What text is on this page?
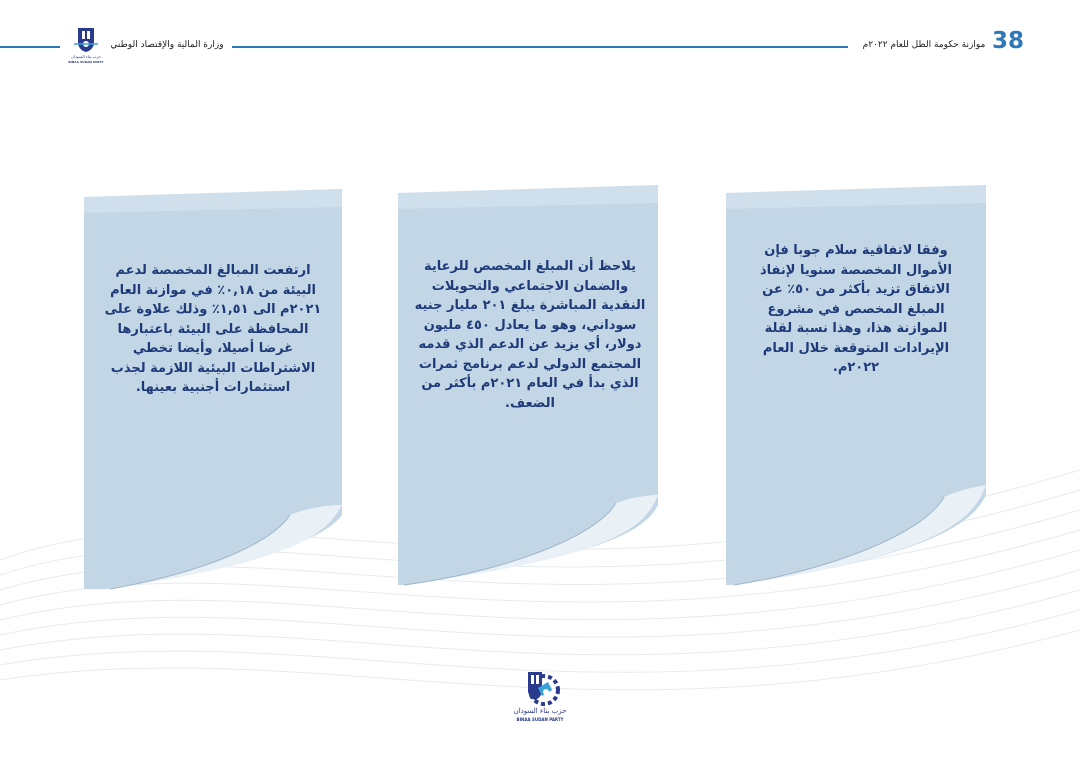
38
موازنة حكومة الظل للعام ٢٠٢٢م
وزارة المالية والإقتصاد الوطني
حزب بناء السودان
BINAA SUDAN PARTY
ارتفعت المبالغ المخصصة لدعم البيئة من ٠,١٨٪ في موازنة العام ٢٠٢١م الى ١,٥١٪ وذلك علاوة على المحافظة على البيئة باعتبارها غرضا أصيلا، وأيضا تخطي الاشتراطات البيئية اللازمة لجذب استثمارات أجنبية بعينها.
يلاحظ أن المبلغ المخصص للرعاية والضمان الاجتماعي والتحويلات النقدية المباشرة يبلغ ٢٠١ مليار جنيه سوداني، وهو ما يعادل ٤٥٠ مليون دولار، أي يزيد عن الدعم الذي قدمه المجتمع الدولي لدعم برنامج ثمرات الذي بدأ في العام ٢٠٢١م بأكثر من الضعف.
وفقا لاتفاقية سلام جوبا فإن الأموال المخصصة سنويا لإنفاذ الاتفاق تزيد بأكثر من ٥٠٪ عن المبلغ المخصص في مشروع الموازنة هذا، وهذا نسبة لقلة الإيرادات المتوقعة خلال العام ٢٠٢٢م.
حزب بناء السودان
BINAA SUDAN PARTY
